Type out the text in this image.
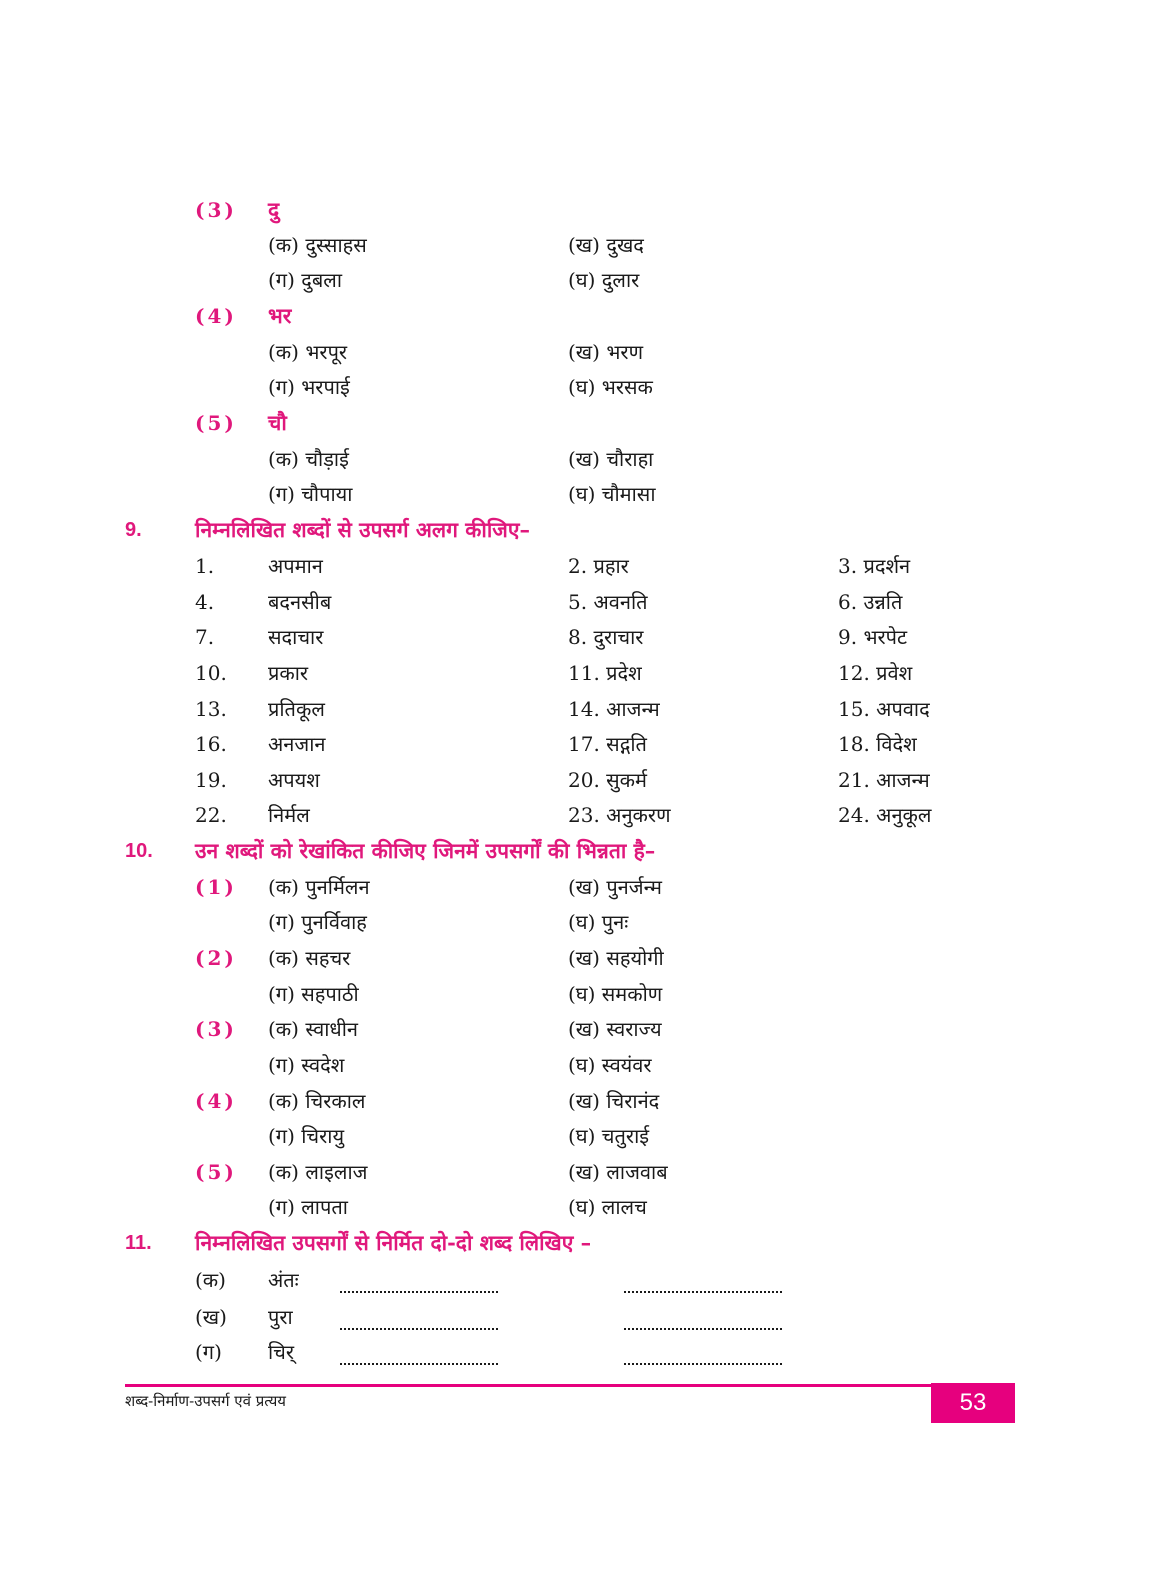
(3) दु
(क) दुस्साहस	(ख) दुखद
(ग) दुबला	(घ) दुलार
(4) भर
(क) भरपूर	(ख) भरण
(ग) भरपाई	(घ) भरसक
(5) चौ
(क) चौड़ाई	(ख) चौराहा
(ग) चौपाया	(घ) चौमासा
9.	निम्नलिखित शब्दों से उपसर्ग अलग कीजिए–
1.	अपमान	2. प्रहार	3. प्रदर्शन
4.	बदनसीब	5. अवनति	6. उन्नति
7.	सदाचार	8. दुराचार	9. भरपेट
10. प्रकार	11. प्रदेश	12. प्रवेश
13. प्रतिकूल	14. आजन्म	15. अपवाद
16. अनजान	17. सद्गति	18. विदेश
19. अपयश	20. सुकर्म	21. आजन्म
22. निर्मल	23. अनुकरण	24. अनुकूल
10. उन शब्दों को रेखांकित कीजिए जिनमें उपसर्गों की भिन्नता है–
(1) (क) पुनर्मिलन	(ख) पुनर्जन्म
(ग) पुनर्विवाह	(घ) पुनः
(2) (क) सहचर	(ख) सहयोगी
(ग) सहपाठी	(घ) समकोण
(3) (क) स्वाधीन	(ख) स्वराज्य
(ग) स्वदेश	(घ) स्वयंवर
(4) (क) चिरकाल	(ख) चिरानंद
(ग) चिरायु	(घ) चतुराई
(5) (क) लाइलाज	(ख) लाजवाब
(ग) लापता	(घ) लालच
11. निम्नलिखित उपसर्गों से निर्मित दो-दो शब्द लिखिए –
(क) अंतः
(ख) पुरा
(ग) चिर्
शब्द-निर्माण-उपसर्ग एवं प्रत्यय	53
